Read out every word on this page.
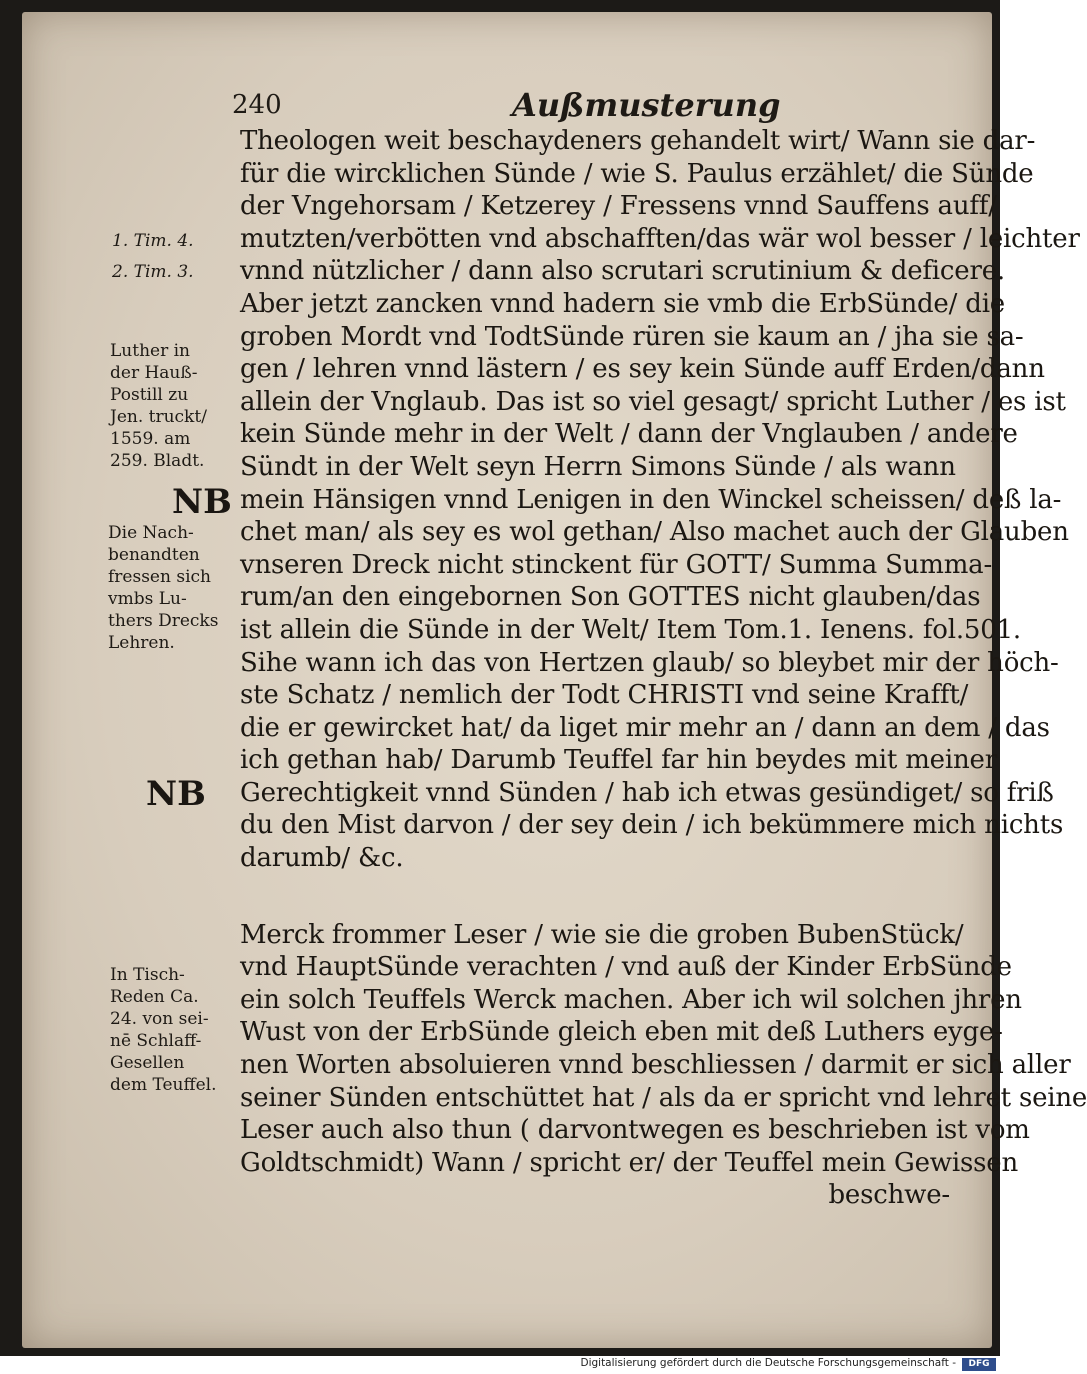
240	Außmusterung
Theologen weit beschaydeners gehandelt wirt/ Wann sie dar-
für die wircklichen Sünde / wie S. Paulus erzählet/ die Sünde
der Vngehorsam / Ketzerey / Fressens vnnd Sauffens auff/
mutzten/verbötten vnd abschafften/das wär wol besser / leichter
vnnd nützlicher / dann also scrutari scrutinium & deficere.
Aber jetzt zancken vnnd hadern sie vmb die ErbSünde/ die
groben Mordt vnd TodtSünde rüren sie kaum an / jha sie sa-
gen / lehren vnnd lästern / es sey kein Sünde auff Erden/dann
allein der Vnglaub. Das ist so viel gesagt/ spricht Luther / es ist
kein Sünde mehr in der Welt / dann der Vnglauben / andere
Sündt in der Welt seyn Herrn Simons Sünde / als wann
mein Hänsigen vnnd Lenigen in den Winckel scheissen/ deß la-
chet man/ als sey es wol gethan/ Also machet auch der Glauben
vnseren Dreck nicht stinckent für GOTT/ Summa Summa-
rum/an den eingebornen Son GOTTES nicht glauben/das
ist allein die Sünde in der Welt/ Item Tom.1. Ienens. fol.501.
Sihe wann ich das von Hertzen glaub/ so bleybet mir der höch-
ste Schatz / nemlich der Todt CHRISTI vnd seine Krafft/
die er gewircket hat/ da liget mir mehr an / dann an dem / das
ich gethan hab/ Darumb Teuffel far hin beydes mit meiner
Gerechtigkeit vnnd Sünden / hab ich etwas gesündiget/ so friß
du den Mist darvon / der sey dein / ich bekümmere mich nichts
darumb/ &c.
Merck frommer Leser / wie sie die groben BubenStück/
vnd HauptSünde verachten / vnd auß der Kinder ErbSünde
ein solch Teuffels Werck machen. Aber ich wil solchen jhren
Wust von der ErbSünde gleich eben mit deß Luthers eyge-
nen Worten absoluieren vnnd beschliessen / darmit er sich aller
seiner Sünden entschüttet hat / als da er spricht vnd lehret seine
Leser auch also thun ( darvontwegen es beschrieben ist vom
Goldtschmidt) Wann / spricht er/ der Teuffel mein Gewissen
beschwe-
1. Tim. 4.
2. Tim. 3.
Luther in
der Hauß-
Postill zu
Jen. truckt/
1559. am
259. Bladt.
NB
Die Nach-
benandten
fressen sich
vmbs Lu-
thers Drecks
Lehren.
NB
In Tisch-
Reden Ca.
24. von sei-
nē Schlaff-
Gesellen
dem Teuffel.
Digitalisierung gefördert durch die Deutsche Forschungsgemeinschaft -	DFG
